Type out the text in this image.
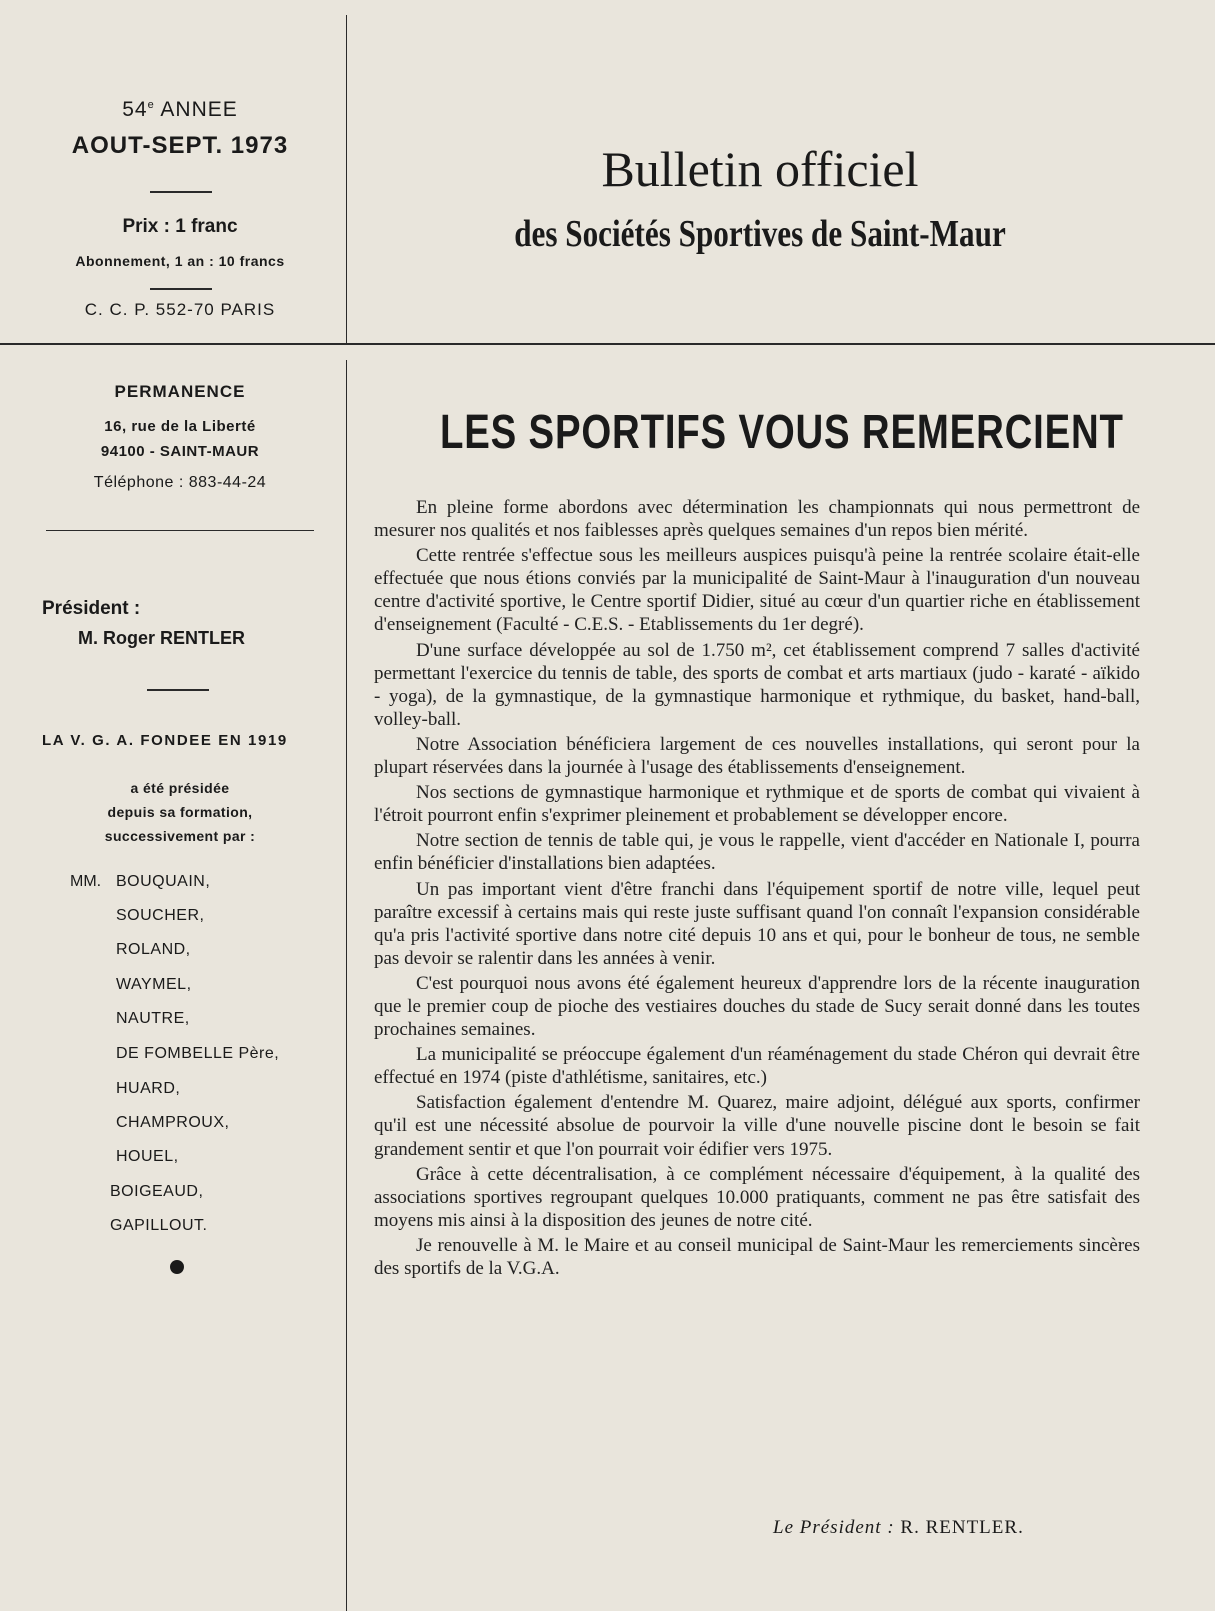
54e ANNEE
AOUT-SEPT. 1973
Prix : 1 franc
Abonnement, 1 an : 10 francs
C. C. P. 552-70 PARIS
Bulletin officiel
des Sociétés Sportives de Saint-Maur
PERMANENCE
16, rue de la Liberté
94100 - SAINT-MAUR
Téléphone : 883-44-24
Président :
M. Roger RENTLER
LA V. G. A. FONDEE EN 1919
a été présidée
depuis sa formation,
successivement par :
MM. BOUQUAIN,
SOUCHER,
ROLAND,
WAYMEL,
NAUTRE,
DE FOMBELLE Père,
HUARD,
CHAMPROUX,
HOUEL,
BOIGEAUD,
GAPILLOUT.
LES SPORTIFS VOUS REMERCIENT

En pleine forme abordons avec détermination les championnats qui nous permettront de mesurer nos qualités et nos faiblesses après quelques semaines d'un repos bien mérité.

Cette rentrée s'effectue sous les meilleurs auspices puisqu'à peine la rentrée scolaire était-elle effectuée que nous étions conviés par la municipalité de Saint-Maur à l'inauguration d'un nouveau centre d'activité sportive, le Centre sportif Didier, situé au cœur d'un quartier riche en établissement d'enseignement (Faculté - C.E.S. - Etablissements du 1er degré).

D'une surface développée au sol de 1.750 m², cet établissement comprend 7 salles d'activité permettant l'exercice du tennis de table, des sports de combat et arts martiaux (judo - karaté - aïkido - yoga), de la gymnastique, de la gymnastique harmonique et rythmique, du basket, hand-ball, volley-ball.

Notre Association bénéficiera largement de ces nouvelles installations, qui seront pour la plupart réservées dans la journée à l'usage des établissements d'enseignement.

Nos sections de gymnastique harmonique et rythmique et de sports de combat qui vivaient à l'étroit pourront enfin s'exprimer pleinement et probablement se développer encore.

Notre section de tennis de table qui, je vous le rappelle, vient d'accéder en Nationale I, pourra enfin bénéficier d'installations bien adaptées.

Un pas important vient d'être franchi dans l'équipement sportif de notre ville, lequel peut paraître excessif à certains mais qui reste juste suffisant quand l'on connaît l'expansion considérable qu'a pris l'activité sportive dans notre cité depuis 10 ans et qui, pour le bonheur de tous, ne semble pas devoir se ralentir dans les années à venir.

C'est pourquoi nous avons été également heureux d'apprendre lors de la récente inauguration que le premier coup de pioche des vestiaires douches du stade de Sucy serait donné dans les toutes prochaines semaines.

La municipalité se préoccupe également d'un réaménagement du stade Chéron qui devrait être effectué en 1974 (piste d'athlétisme, sanitaires, etc.)

Satisfaction également d'entendre M. Quarez, maire adjoint, délégué aux sports, confirmer qu'il est une nécessité absolue de pourvoir la ville d'une nouvelle piscine dont le besoin se fait grandement sentir et que l'on pourrait voir édifier vers 1975.

Grâce à cette décentralisation, à ce complément nécessaire d'équipement, à la qualité des associations sportives regroupant quelques 10.000 pratiquants, comment ne pas être satisfait des moyens mis ainsi à la disposition des jeunes de notre cité.

Je renouvelle à M. le Maire et au conseil municipal de Saint-Maur les remerciements sincères des sportifs de la V.G.A.

Le Président : R. RENTLER.
